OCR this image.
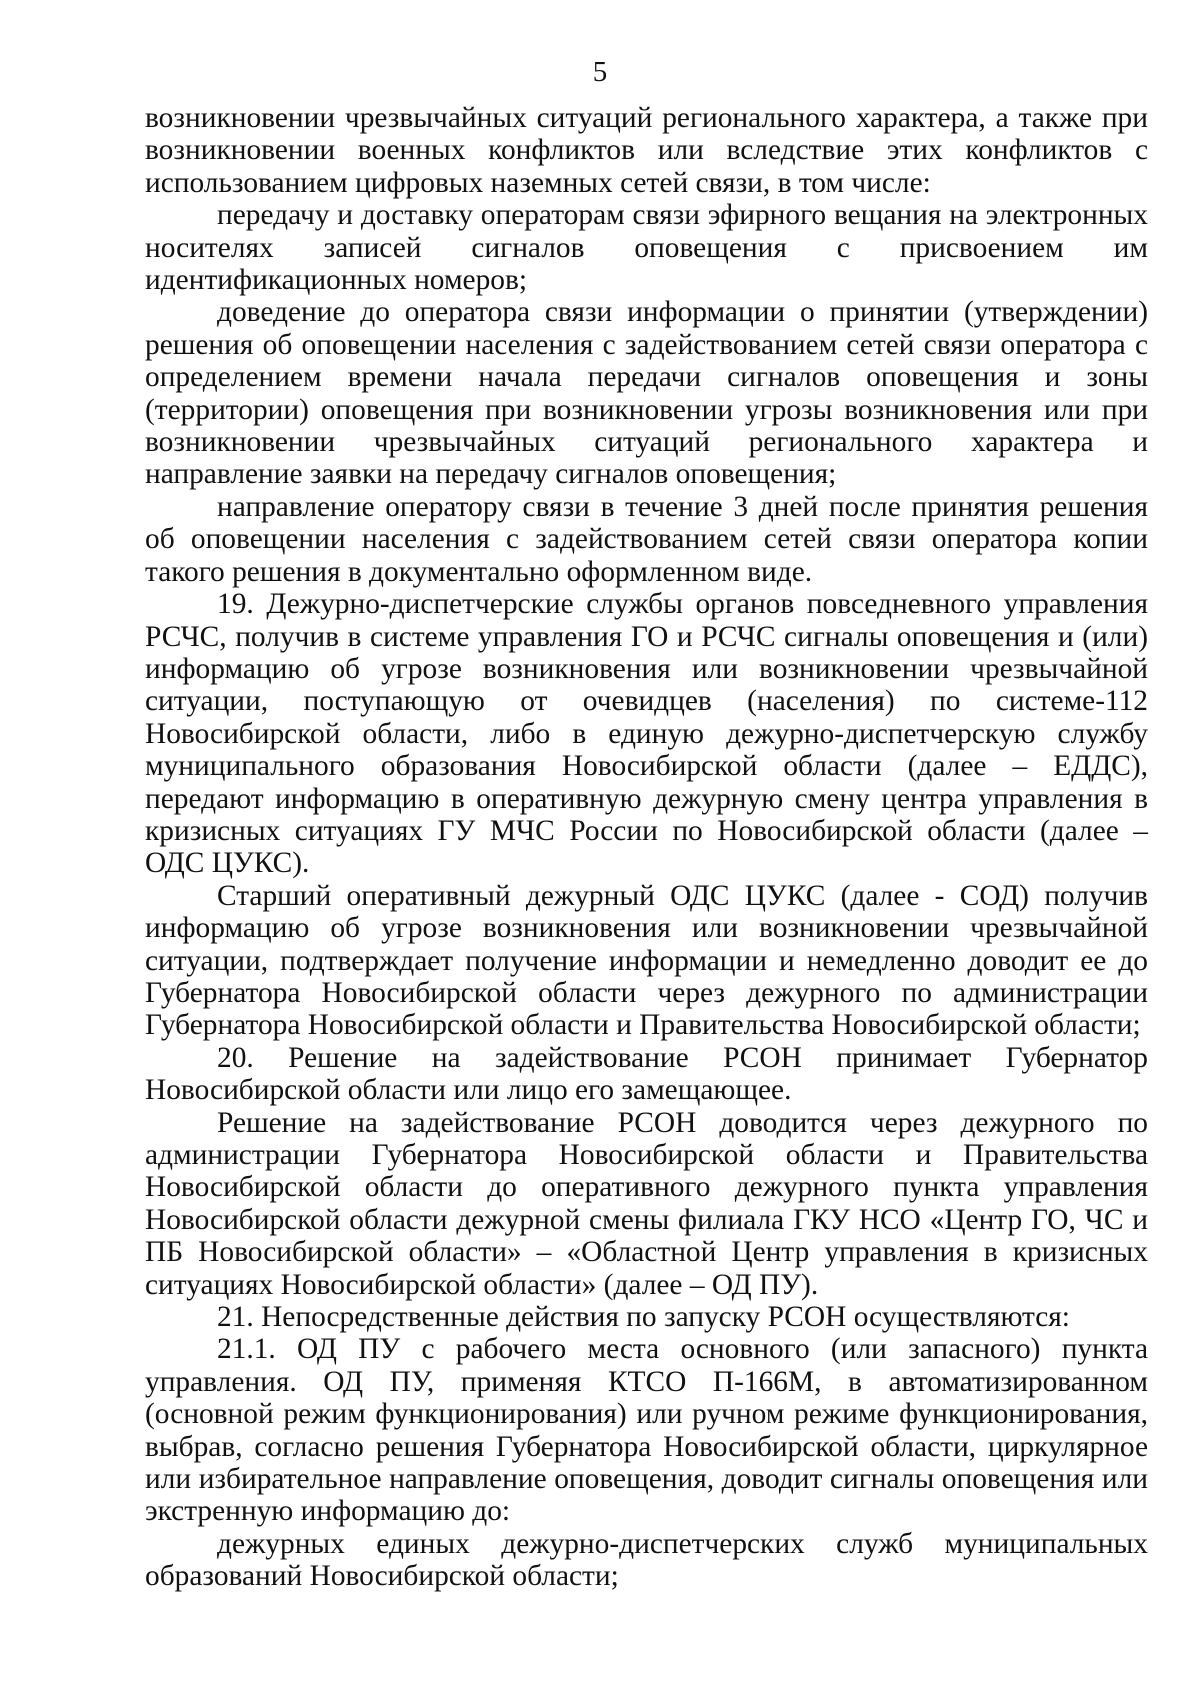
5

возникновении чрезвычайных ситуаций регионального характера, а также при возникновении военных конфликтов или вследствие этих конфликтов с использованием цифровых наземных сетей связи, в том числе:

передачу и доставку операторам связи эфирного вещания на электронных носителях записей сигналов оповещения с присвоением им идентификационных номеров;

доведение до оператора связи информации о принятии (утверждении) решения об оповещении населения с задействованием сетей связи оператора с определением времени начала передачи сигналов оповещения и зоны (территории) оповещения при возникновении угрозы возникновения или при возникновении чрезвычайных ситуаций регионального характера и направление заявки на передачу сигналов оповещения;

направление оператору связи в течение 3 дней после принятия решения об оповещении населения с задействованием сетей связи оператора копии такого решения в документально оформленном виде.

19. Дежурно-диспетчерские службы органов повседневного управления РСЧС, получив в системе управления ГО и РСЧС сигналы оповещения и (или) информацию об угрозе возникновения или возникновении чрезвычайной ситуации, поступающую от очевидцев (населения) по системе-112 Новосибирской области, либо в единую дежурно-диспетчерскую службу муниципального образования Новосибирской области (далее – ЕДДС), передают информацию в оперативную дежурную смену центра управления в кризисных ситуациях ГУ МЧС России по Новосибирской области (далее – ОДС ЦУКС).

Старший оперативный дежурный ОДС ЦУКС (далее - СОД) получив информацию об угрозе возникновения или возникновении чрезвычайной ситуации, подтверждает получение информации и немедленно доводит ее до Губернатора Новосибирской области через дежурного по администрации Губернатора Новосибирской области и Правительства Новосибирской области;

20. Решение на задействование РСОН принимает Губернатор Новосибирской области или лицо его замещающее.

Решение на задействование РСОН доводится через дежурного по администрации Губернатора Новосибирской области и Правительства Новосибирской области до оперативного дежурного пункта управления Новосибирской области дежурной смены филиала ГКУ НСО «Центр ГО, ЧС и ПБ Новосибирской области» – «Областной Центр управления в кризисных ситуациях Новосибирской области» (далее – ОД ПУ).

21. Непосредственные действия по запуску РСОН осуществляются:

21.1. ОД ПУ с рабочего места основного (или запасного) пункта управления. ОД ПУ, применяя КТСО П-166М, в автоматизированном (основной режим функционирования) или ручном режиме функционирования, выбрав, согласно решения Губернатора Новосибирской области, циркулярное или избирательное направление оповещения, доводит сигналы оповещения или экстренную информацию до:

дежурных единых дежурно-диспетчерских служб муниципальных образований Новосибирской области;
